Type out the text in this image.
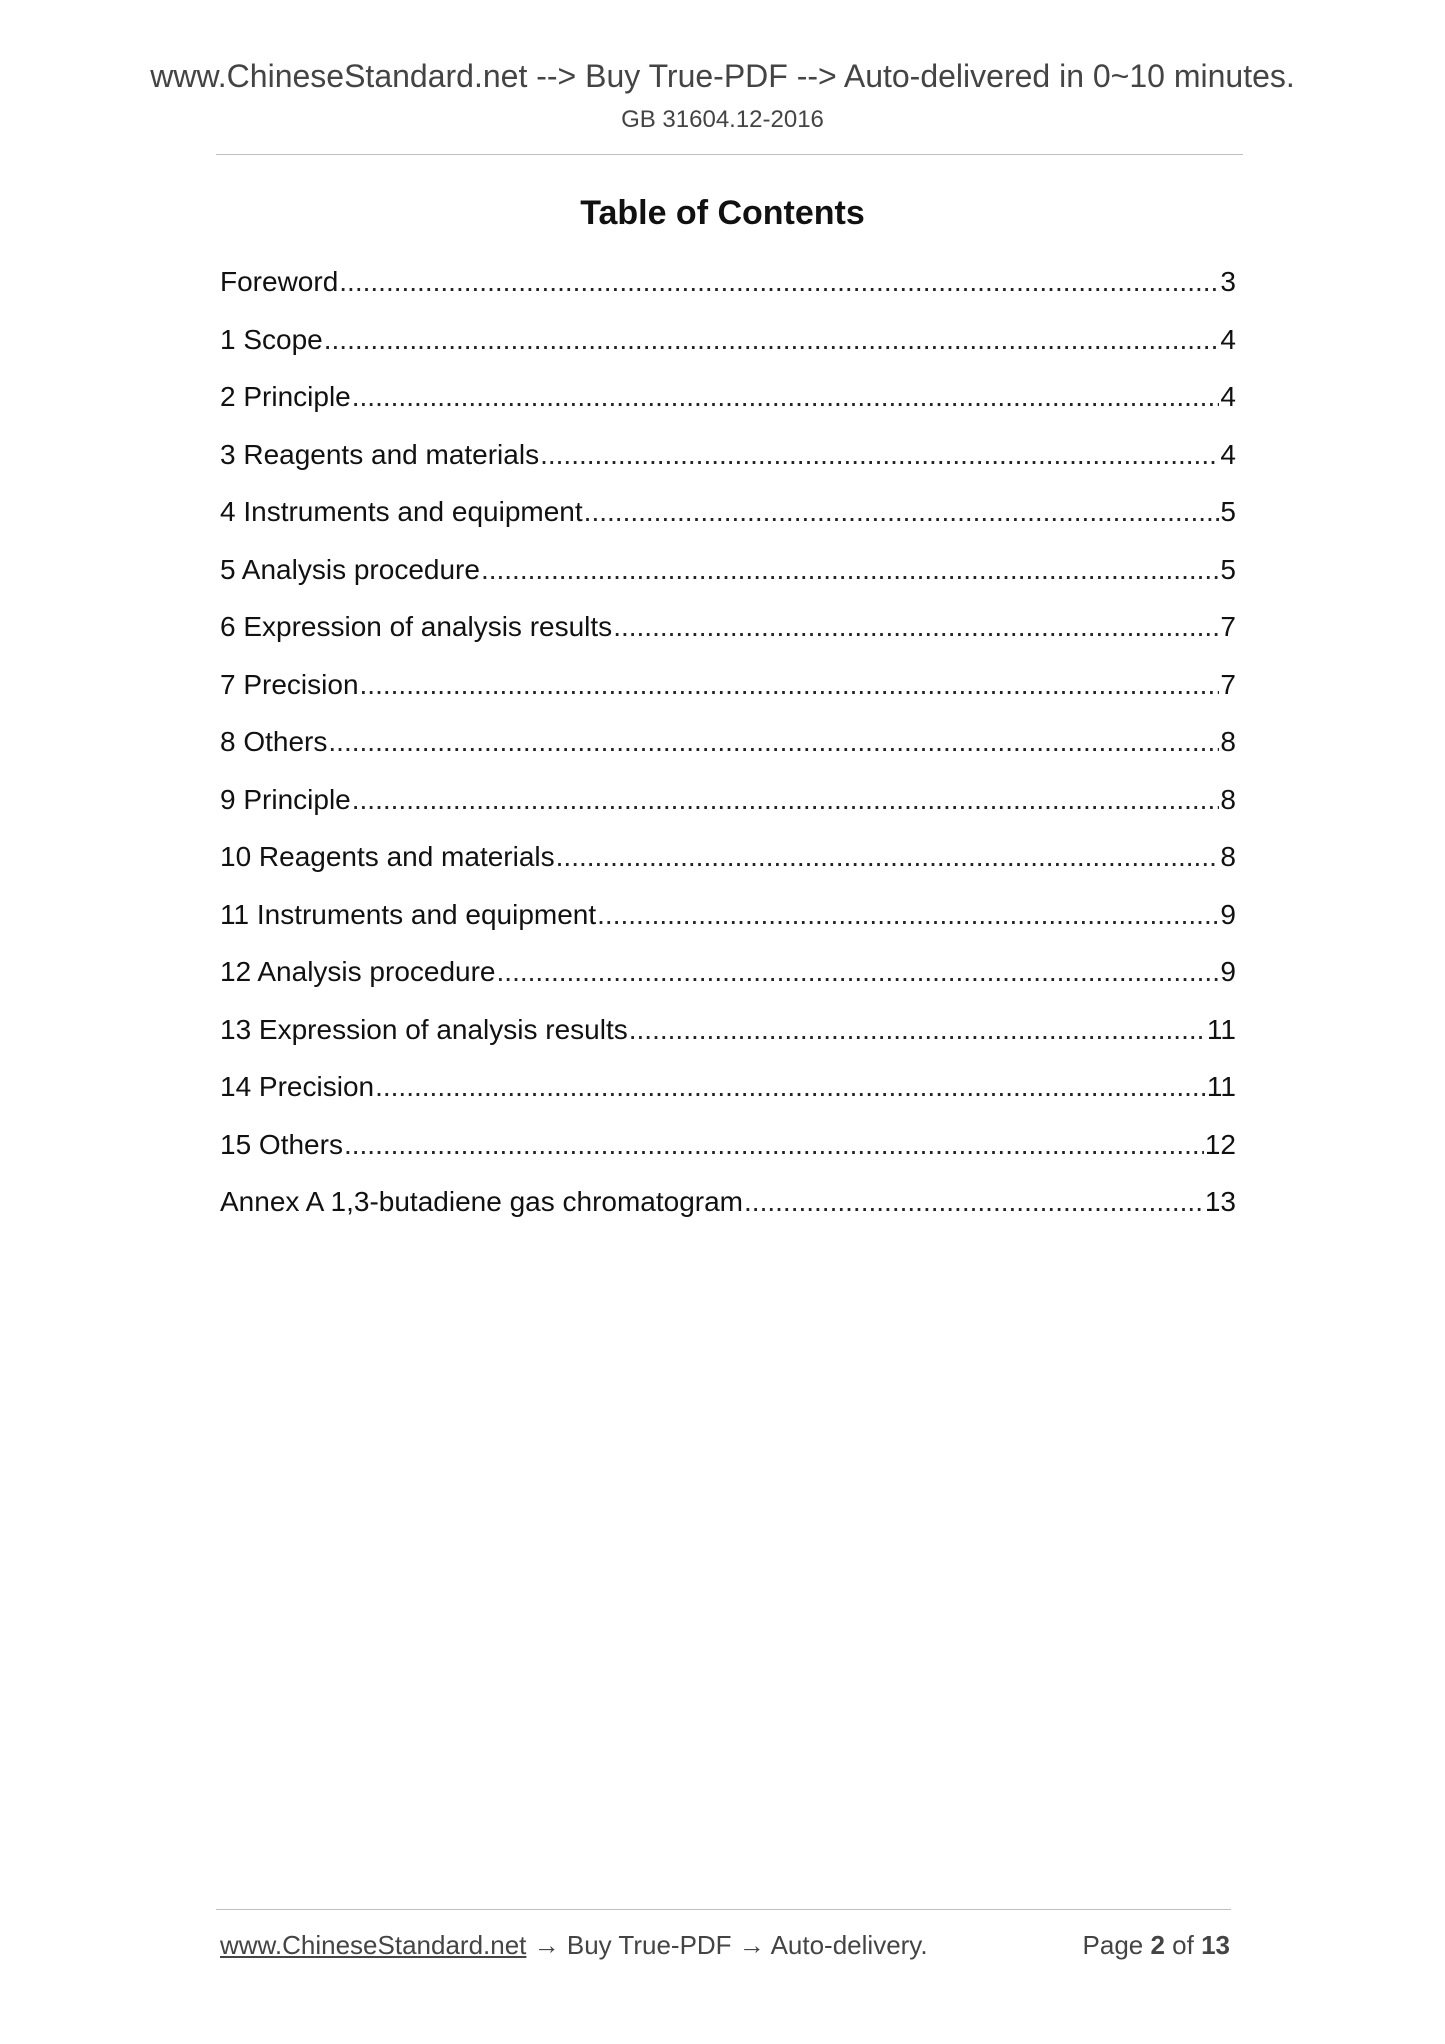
www.ChineseStandard.net --> Buy True-PDF --> Auto-delivered in 0~10 minutes.
GB 31604.12-2016
Table of Contents
Foreword .....	3
1 Scope .....	4
2 Principle .....	4
3 Reagents and materials .....	4
4 Instruments and equipment .....	5
5 Analysis procedure .....	5
6 Expression of analysis results .....	7
7 Precision .....	7
8 Others .....	8
9 Principle .....	8
10 Reagents and materials .....	8
11 Instruments and equipment .....	9
12 Analysis procedure .....	9
13 Expression of analysis results .....	11
14 Precision .....	11
15 Others .....	12
Annex A 1,3-butadiene gas chromatogram .....	13
www.ChineseStandard.net → Buy True-PDF → Auto-delivery.	Page 2 of 13
